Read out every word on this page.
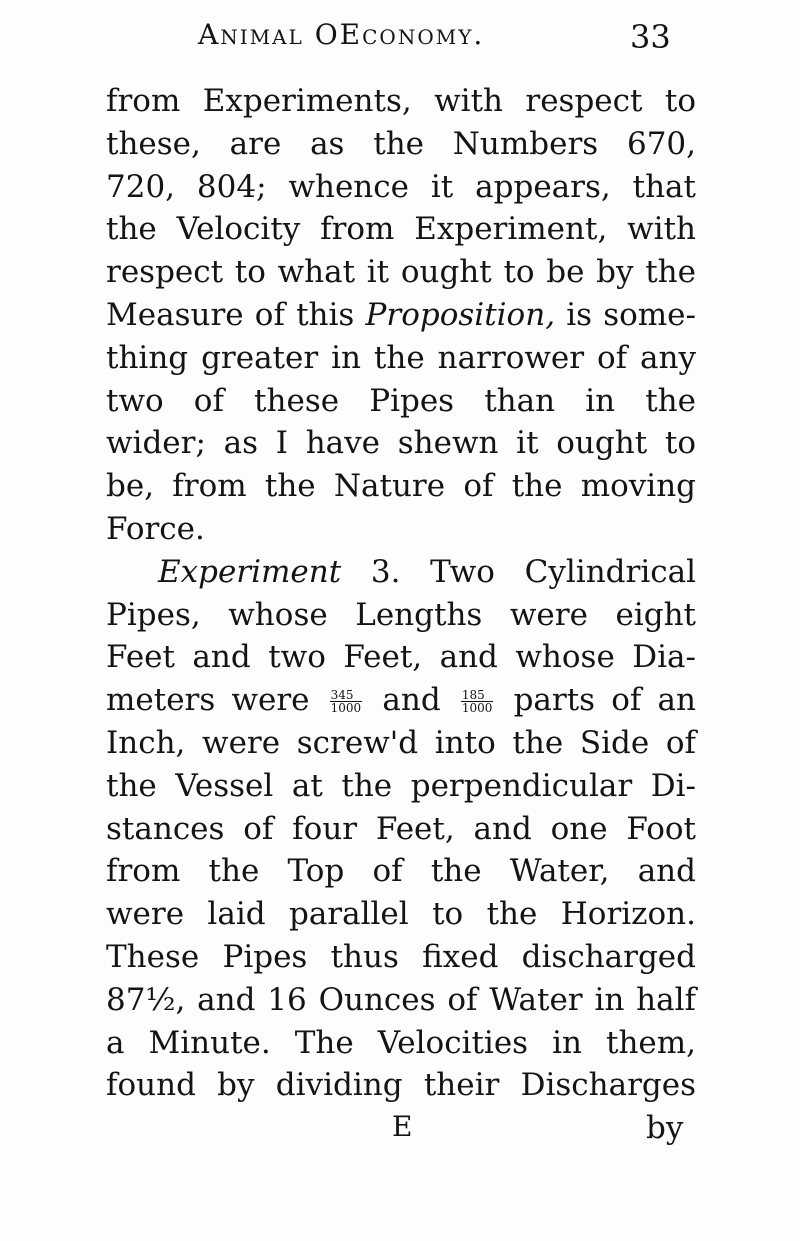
Animal OEconomy.	33
from Experiments, with respect to
these, are as the Numbers 670,
720, 804; whence it appears, that
the Velocity from Experiment, with
respect to what it ought to be by the
Measure of this Proposition, is some-
thing greater in the narrower of any
two of these Pipes than in the
wider; as I have shewn it ought to
be, from the Nature of the moving
Force.
Experiment 3. Two Cylindrical
Pipes, whose Lengths were eight
Feet and two Feet, and whose Dia-
meters were $\frac{345}{1000}$ and $\frac{185}{1000}$ parts of an
Inch, were screw'd into the Side of
the Vessel at the perpendicular Di-
stances of four Feet, and one Foot
from the Top of the Water, and
were laid parallel to the Horizon.
These Pipes thus fixed discharged
87½, and 16 Ounces of Water in half
a Minute. The Velocities in them,
found by dividing their Discharges
E	by
